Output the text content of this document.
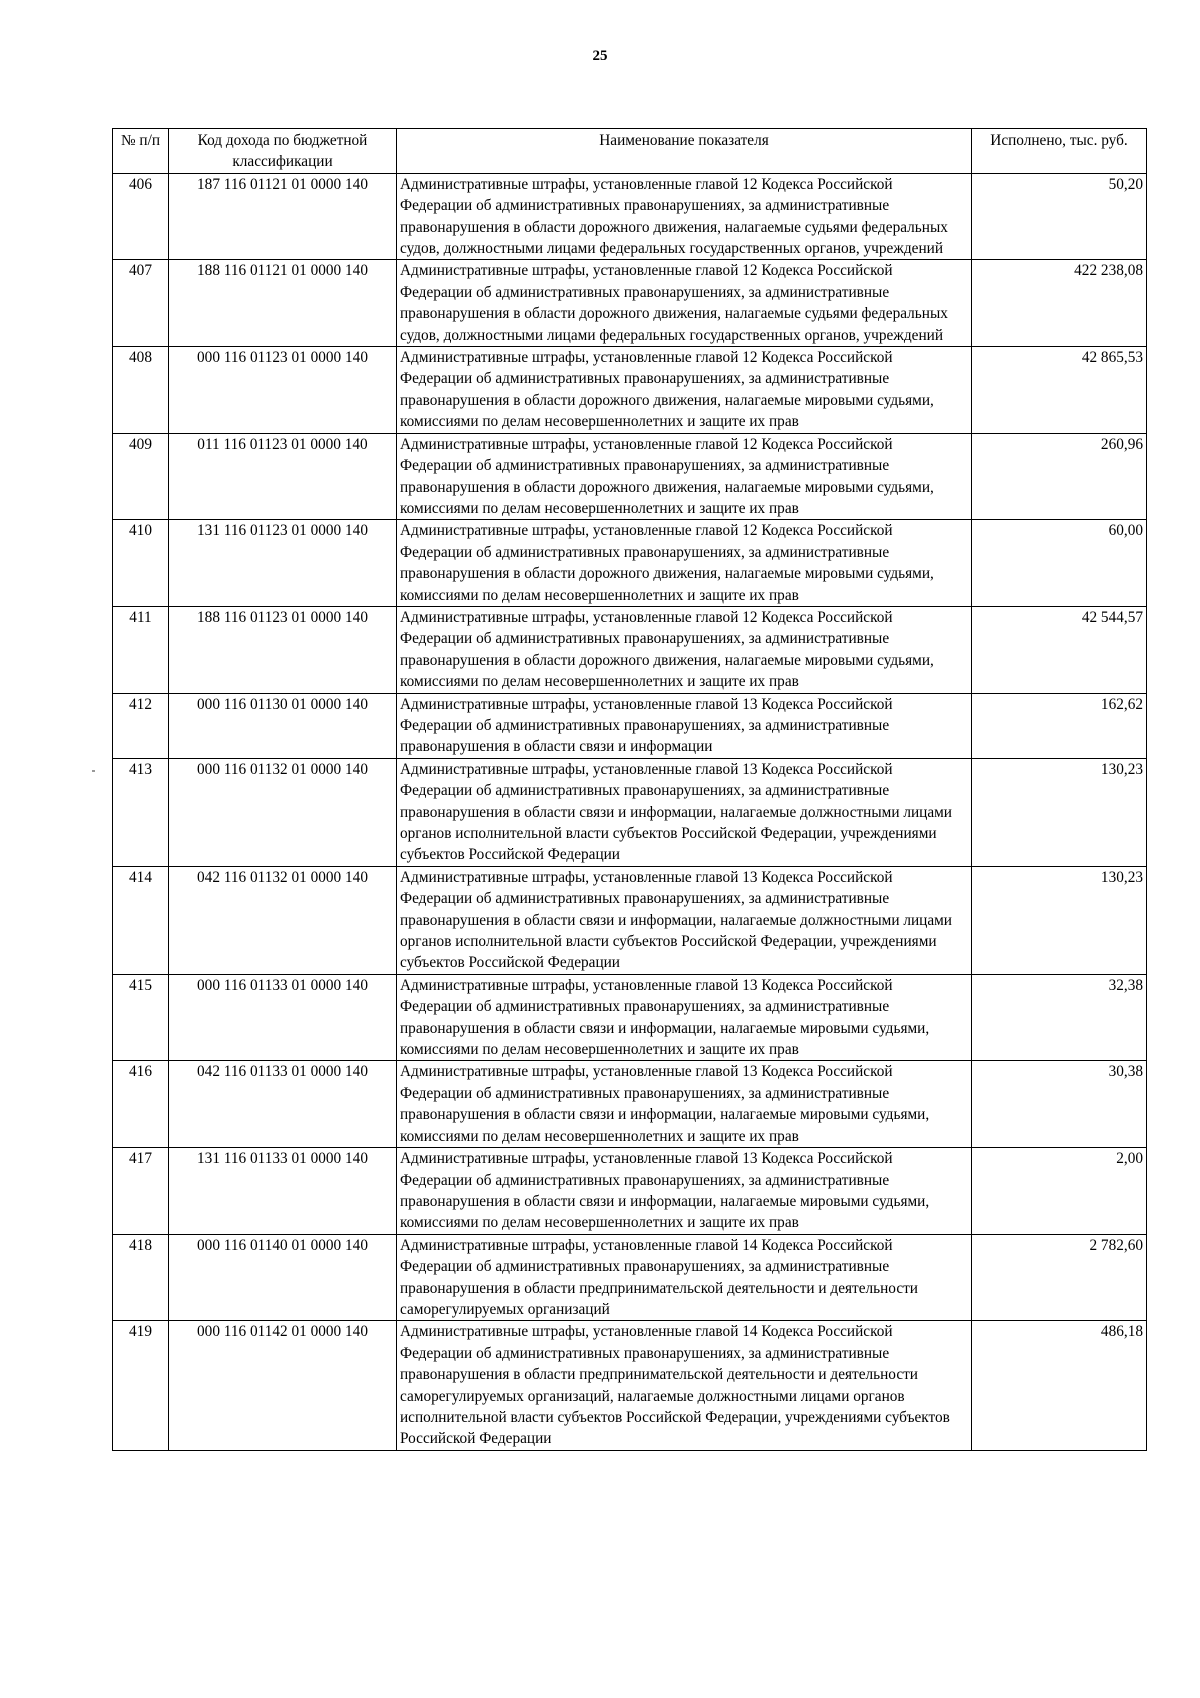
25
№ п/п	Код дохода по бюджетной классификации	Наименование показателя	Исполнено, тыс. руб.
406	187 116 01121 01 0000 140	Административные штрафы, установленные главой 12 Кодекса Российской Федерации об административных правонарушениях, за административные правонарушения в области дорожного движения, налагаемые судьями федеральных судов, должностными лицами федеральных государственных органов, учреждений	50,20
407	188 116 01121 01 0000 140	Административные штрафы, установленные главой 12 Кодекса Российской Федерации об административных правонарушениях, за административные правонарушения в области дорожного движения, налагаемые судьями федеральных судов, должностными лицами федеральных государственных органов, учреждений	422 238,08
408	000 116 01123 01 0000 140	Административные штрафы, установленные главой 12 Кодекса Российской Федерации об административных правонарушениях, за административные правонарушения в области дорожного движения, налагаемые мировыми судьями, комиссиями по делам несовершеннолетних и защите их прав	42 865,53
409	011 116 01123 01 0000 140	Административные штрафы, установленные главой 12 Кодекса Российской Федерации об административных правонарушениях, за административные правонарушения в области дорожного движения, налагаемые мировыми судьями, комиссиями по делам несовершеннолетних и защите их прав	260,96
410	131 116 01123 01 0000 140	Административные штрафы, установленные главой 12 Кодекса Российской Федерации об административных правонарушениях, за административные правонарушения в области дорожного движения, налагаемые мировыми судьями, комиссиями по делам несовершеннолетних и защите их прав	60,00
411	188 116 01123 01 0000 140	Административные штрафы, установленные главой 12 Кодекса Российской Федерации об административных правонарушениях, за административные правонарушения в области дорожного движения, налагаемые мировыми судьями, комиссиями по делам несовершеннолетних и защите их прав	42 544,57
412	000 116 01130 01 0000 140	Административные штрафы, установленные главой 13 Кодекса Российской Федерации об административных правонарушениях, за административные правонарушения в области связи и информации	162,62
413	000 116 01132 01 0000 140	Административные штрафы, установленные главой 13 Кодекса Российской Федерации об административных правонарушениях, за административные правонарушения в области связи и информации, налагаемые должностными лицами органов исполнительной власти субъектов Российской Федерации, учреждениями субъектов Российской Федерации	130,23
414	042 116 01132 01 0000 140	Административные штрафы, установленные главой 13 Кодекса Российской Федерации об административных правонарушениях, за административные правонарушения в области связи и информации, налагаемые должностными лицами органов исполнительной власти субъектов Российской Федерации, учреждениями субъектов Российской Федерации	130,23
415	000 116 01133 01 0000 140	Административные штрафы, установленные главой 13 Кодекса Российской Федерации об административных правонарушениях, за административные правонарушения в области связи и информации, налагаемые мировыми судьями, комиссиями по делам несовершеннолетних и защите их прав	32,38
416	042 116 01133 01 0000 140	Административные штрафы, установленные главой 13 Кодекса Российской Федерации об административных правонарушениях, за административные правонарушения в области связи и информации, налагаемые мировыми судьями, комиссиями по делам несовершеннолетних и защите их прав	30,38
417	131 116 01133 01 0000 140	Административные штрафы, установленные главой 13 Кодекса Российской Федерации об административных правонарушениях, за административные правонарушения в области связи и информации, налагаемые мировыми судьями, комиссиями по делам несовершеннолетних и защите их прав	2,00
418	000 116 01140 01 0000 140	Административные штрафы, установленные главой 14 Кодекса Российской Федерации об административных правонарушениях, за административные правонарушения в области предпринимательской деятельности и деятельности саморегулируемых организаций	2 782,60
419	000 116 01142 01 0000 140	Административные штрафы, установленные главой 14 Кодекса Российской Федерации об административных правонарушениях, за административные правонарушения в области предпринимательской деятельности и деятельности саморегулируемых организаций, налагаемые должностными лицами органов исполнительной власти субъектов Российской Федерации, учреждениями субъектов Российской Федерации	486,18
